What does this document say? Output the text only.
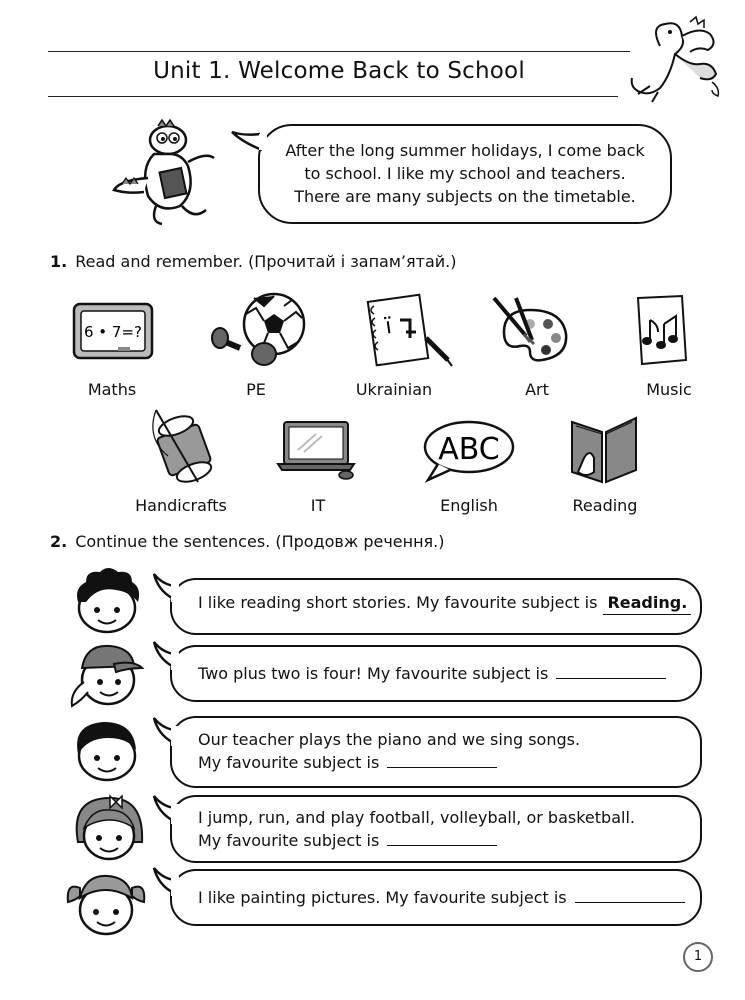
Unit 1. Welcome Back to School
After the long summer holidays, I come back
to school. I like my school and teachers.
There are many subjects on the timetable.
1. Read and remember. (Прочитай і запам’ятай.)
6 • 7=?	ї
Maths	PE	Ukrainian	Art	Music
ABC
Handicrafts	IT	English	Reading
2. Continue the sentences. (Продовж речення.)
I like reading short stories. My favourite subject is Reading.
Two plus two is four! My favourite subject is
Our teacher plays the piano and we sing songs.
My favourite subject is
I jump, run, and play football, volleyball, or basketball.
My favourite subject is
I like painting pictures. My favourite subject is
1
